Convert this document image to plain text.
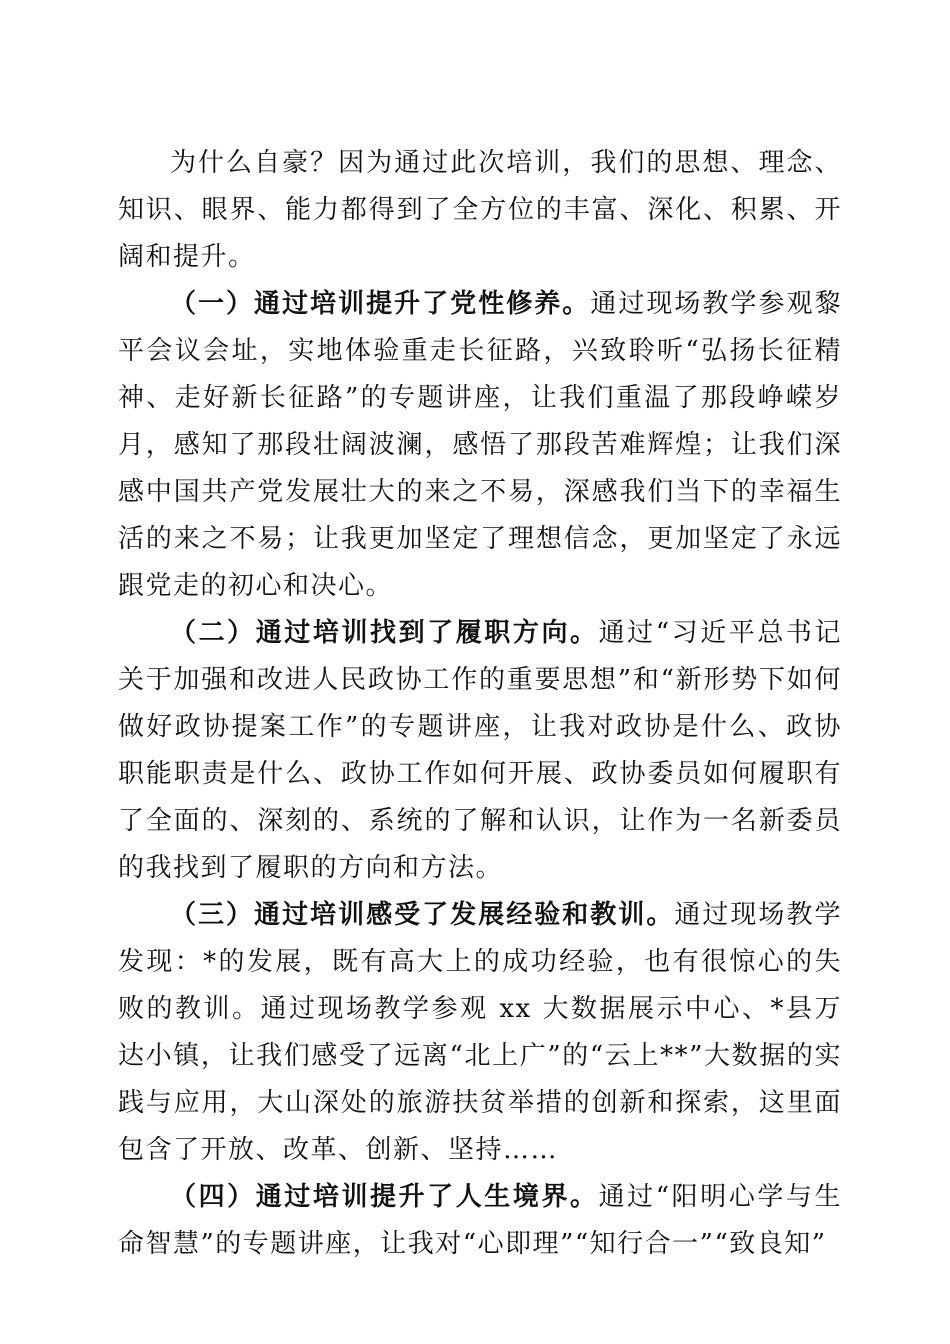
为什么自豪？因为通过此次培训，我们的思想、理念、知识、眼界、能力都得到了全方位的丰富、深化、积累、开阔和提升。

（一）通过培训提升了党性修养。通过现场教学参观黎平会议会址，实地体验重走长征路，兴致聆听“弘扬长征精神、走好新长征路”的专题讲座，让我们重温了那段峥嵘岁月，感知了那段壮阔波澜，感悟了那段苦难辉煌；让我们深感中国共产党发展壮大的来之不易，深感我们当下的幸福生活的来之不易；让我更加坚定了理想信念，更加坚定了永远跟党走的初心和决心。

（二）通过培训找到了履职方向。通过“习近平总书记关于加强和改进人民政协工作的重要思想”和“新形势下如何做好政协提案工作”的专题讲座，让我对政协是什么、政协职能职责是什么、政协工作如何开展、政协委员如何履职有了全面的、深刻的、系统的了解和认识，让作为一名新委员的我找到了履职的方向和方法。

（三）通过培训感受了发展经验和教训。通过现场教学发现：*的发展，既有高大上的成功经验，也有很惊心的失败的教训。通过现场教学参观 xx 大数据展示中心、*县万达小镇，让我们感受了远离“北上广”的“云上**”大数据的实践与应用，大山深处的旅游扶贫举措的创新和探索，这里面包含了开放、改革、创新、坚持……

（四）通过培训提升了人生境界。通过“阳明心学与生命智慧”的专题讲座，让我对“心即理”“知行合一”“致良知”
